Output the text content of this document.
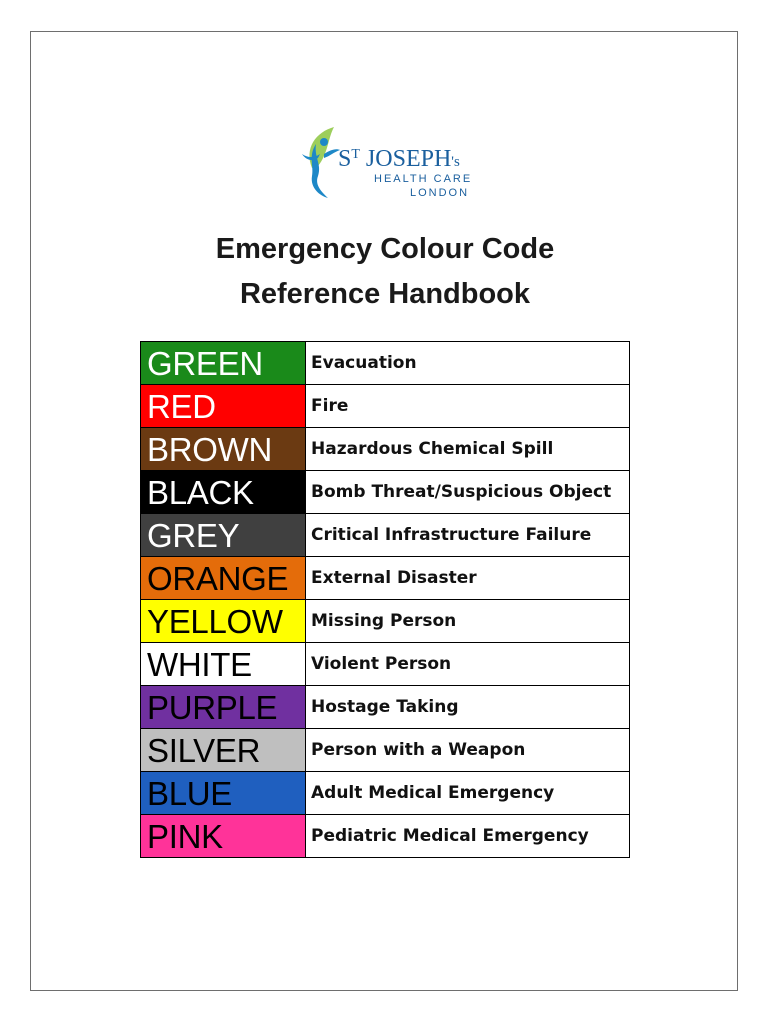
$S^T$ JOSEPH's
HEALTH CARE
LONDON
Emergency Colour Code
Reference Handbook
GREEN	Evacuation
RED	Fire
BROWN	Hazardous Chemical Spill
BLACK	Bomb Threat/Suspicious Object
GREY	Critical Infrastructure Failure
ORANGE	External Disaster
YELLOW	Missing Person
WHITE	Violent Person
PURPLE	Hostage Taking
SILVER	Person with a Weapon
BLUE	Adult Medical Emergency
PINK	Pediatric Medical Emergency
